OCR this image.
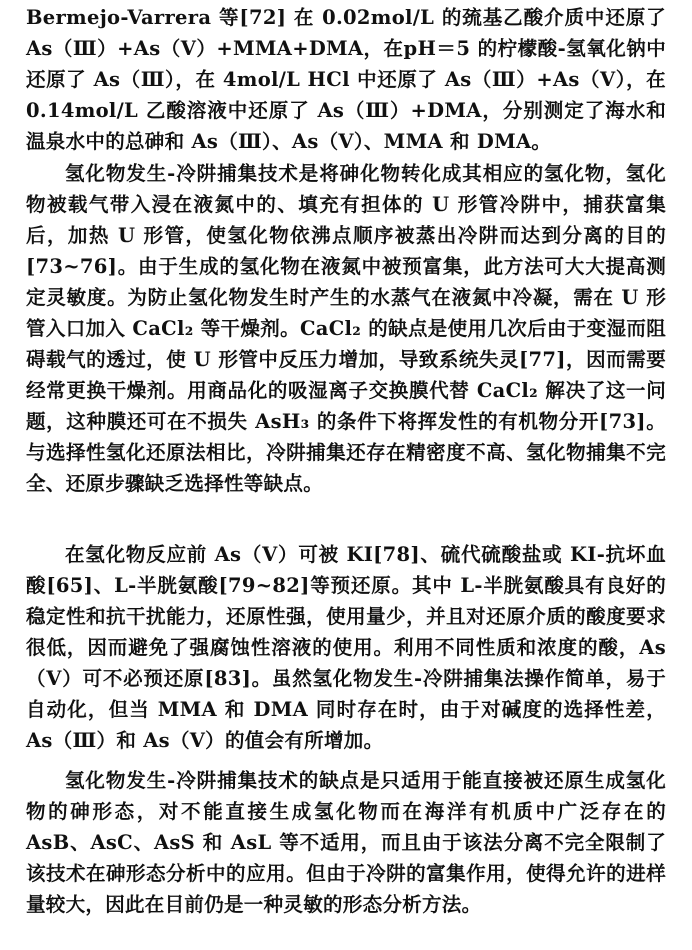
Bermejo-Varrera 等[72] 在 0.02mol/L 的巯基乙酸介质中还原了 As（Ⅲ）+As（Ⅴ）+MMA+DMA，在pH＝5 的柠檬酸-氢氧化钠中还原了 As（Ⅲ），在 4mol/L HCl 中还原了 As（Ⅲ）+As（Ⅴ），在 0.14mol/L 乙酸溶液中还原了 As（Ⅲ）+DMA，分别测定了海水和温泉水中的总砷和 As（Ⅲ）、As（Ⅴ）、MMA 和 DMA。

氢化物发生-冷阱捕集技术是将砷化物转化成其相应的氢化物，氢化物被载气带入浸在液氮中的、填充有担体的 U 形管冷阱中，捕获富集后，加热 U 形管，使氢化物依沸点顺序被蒸出冷阱而达到分离的目的[73~76]。由于生成的氢化物在液氮中被预富集，此方法可大大提高测定灵敏度。为防止氢化物发生时产生的水蒸气在液氮中冷凝，需在 U 形管入口加入 CaCl₂ 等干燥剂。CaCl₂ 的缺点是使用几次后由于变湿而阻碍载气的透过，使 U 形管中反压力增加，导致系统失灵[77]，因而需要经常更换干燥剂。用商品化的吸湿离子交换膜代替 CaCl₂ 解决了这一问题，这种膜还可在不损失 AsH₃ 的条件下将挥发性的有机物分开[73]。与选择性氢化还原法相比，冷阱捕集还存在精密度不高、氢化物捕集不完全、还原步骤缺乏选择性等缺点。

在氢化物反应前 As（Ⅴ）可被 KI[78]、硫代硫酸盐或 KI-抗坏血酸[65]、L-半胱氨酸[79~82]等预还原。其中 L-半胱氨酸具有良好的稳定性和抗干扰能力，还原性强，使用量少，并且对还原介质的酸度要求很低，因而避免了强腐蚀性溶液的使用。利用不同性质和浓度的酸，As（Ⅴ）可不必预还原[83]。虽然氢化物发生-冷阱捕集法操作简单，易于自动化，但当 MMA 和 DMA 同时存在时，由于对碱度的选择性差，As（Ⅲ）和 As（Ⅴ）的值会有所增加。

氢化物发生-冷阱捕集技术的缺点是只适用于能直接被还原生成氢化物的砷形态，对不能直接生成氢化物而在海洋有机质中广泛存在的 AsB、AsC、AsS 和 AsL 等不适用，而且由于该法分离不完全限制了该技术在砷形态分析中的应用。但由于冷阱的富集作用，使得允许的进样量较大，因此在目前仍是一种灵敏的形态分析方法。
